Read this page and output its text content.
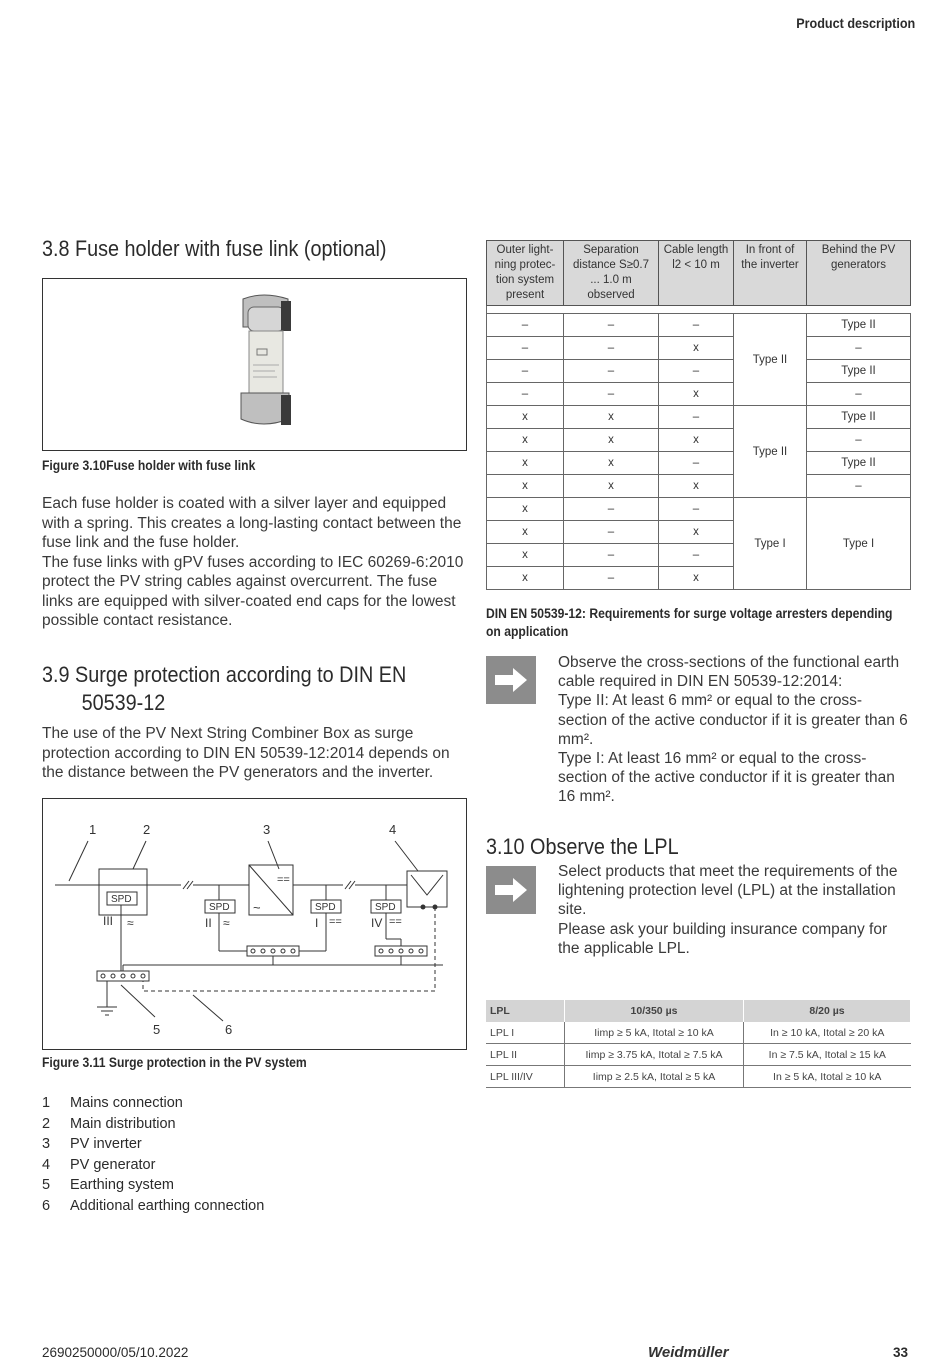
Product description
3.8 Fuse holder with fuse link (optional)
Figure 3.10Fuse holder with fuse link

Each fuse holder is coated with a silver layer and equipped with a spring. This creates a long-lasting contact between the fuse link and the fuse holder.

The fuse links with gPV fuses according to IEC 60269-6:2010 protect the PV string cables against overcurrent. The fuse links are equipped with silver-coated end caps for the lowest possible contact resistance.

3.9 Surge protection according to DIN EN
50539-12
The use of the PV Next String Combiner Box as surge protection according to DIN EN 50539-12:2014 depends on the distance between the PV generators and the inverter.
1	2	3	4
5	6
SPD
SPD	SPD	SPD
III	II	I	IV
≈	≈	==	==
~
==
Figure 3.11 Surge protection in the PV system
1	Mains connection
2	Main distribution
3	PV inverter
4	PV generator
5	Earthing system
6	Additional earthing connection
Outer light-ning protec-tion system present	Separation distance S≥0.7 ... 1.0 m observed	Cable length l2 < 10 m	In front of the inverter	Behind the PV generators

–	–	–	Type II	Type II
–	–	x		–
–	–	–		Type II
–	–	x		–
x	x	–	Type II	Type II
x	x	x		–
x	x	–		Type II
x	x	x		–
x	–	–	Type I	Type I
x	–	x		
x	–	–		
x	–	x		
DIN EN 50539-12: Requirements for surge voltage arresters depending on application

Observe the cross-sections of the functional earth cable required in DIN EN 50539-12:2014:

Type II: At least 6 mm² or equal to the cross-section of the active conductor if it is greater than 6 mm².

Type I: At least 16 mm² or equal to the cross-section of the active conductor if it is greater than 16 mm².

3.10 Observe the LPL

Select products that meet the requirements of the lightening protection level (LPL) at the installation site.

Please ask your building insurance company for the applicable LPL.

LPL	10/350 µs	8/20 µs
LPL I	Iimp ≥ 5 kA, Itotal ≥ 10 kA	In ≥ 10 kA, Itotal ≥ 20 kA
LPL II	Iimp ≥ 3.75 kA, Itotal ≥ 7.5 kA	In ≥ 7.5 kA, Itotal ≥ 15 kA
LPL III/IV	Iimp ≥ 2.5 kA, Itotal ≥ 5 kA	In ≥ 5 kA, Itotal ≥ 10 kA
2690250000/05/10.2022	Weidmüller	33
